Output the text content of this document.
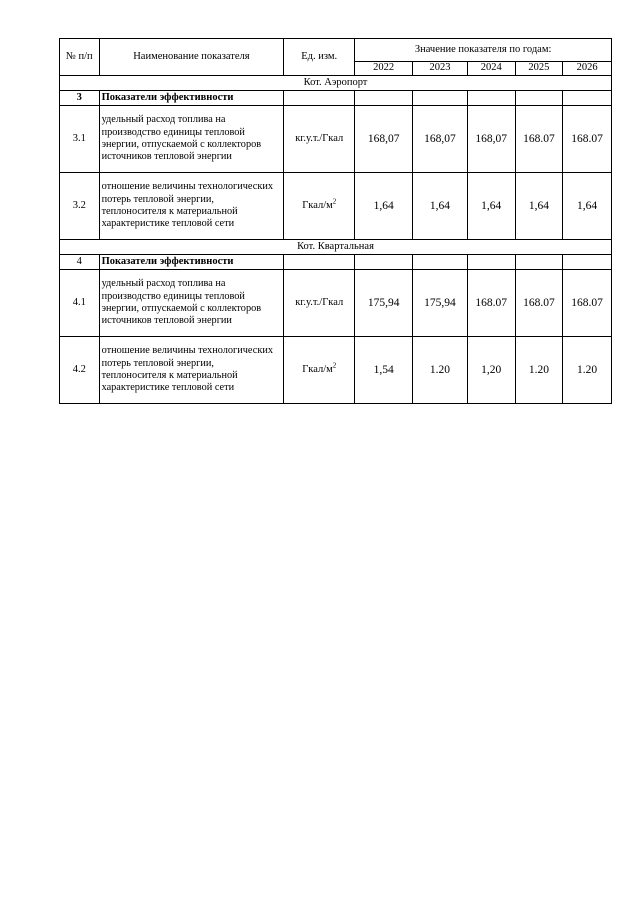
№ п/п	Наименование показателя	Ед. изм.	Значение показателя по годам:				
			2022	2023	2024	2025	2026
Кот. Аэропорт							
3	Показатели эффективности						
3.1	удельный расход топлива на производство единицы тепловой энергии, отпускаемой с коллекторов источников тепловой энергии	кг.у.т./Гкал	168,07	168,07	168,07	168.07	168.07
3.2	отношение величины технологических потерь тепловой энергии, теплоносителя к материальной характеристике тепловой сети	Гкал/$м^2$	1,64	1,64	1,64	1,64	1,64
Кот. Квартальная							
4	Показатели эффективности						
4.1	удельный расход топлива на производство единицы тепловой энергии, отпускаемой с коллекторов источников тепловой энергии	кг.у.т./Гкал	175,94	175,94	168.07	168.07	168.07
4.2	отношение величины технологических потерь тепловой энергии, теплоносителя к материальной характеристике тепловой сети	Гкал/$м^2$	1,54	1.20	1,20	1.20	1.20
